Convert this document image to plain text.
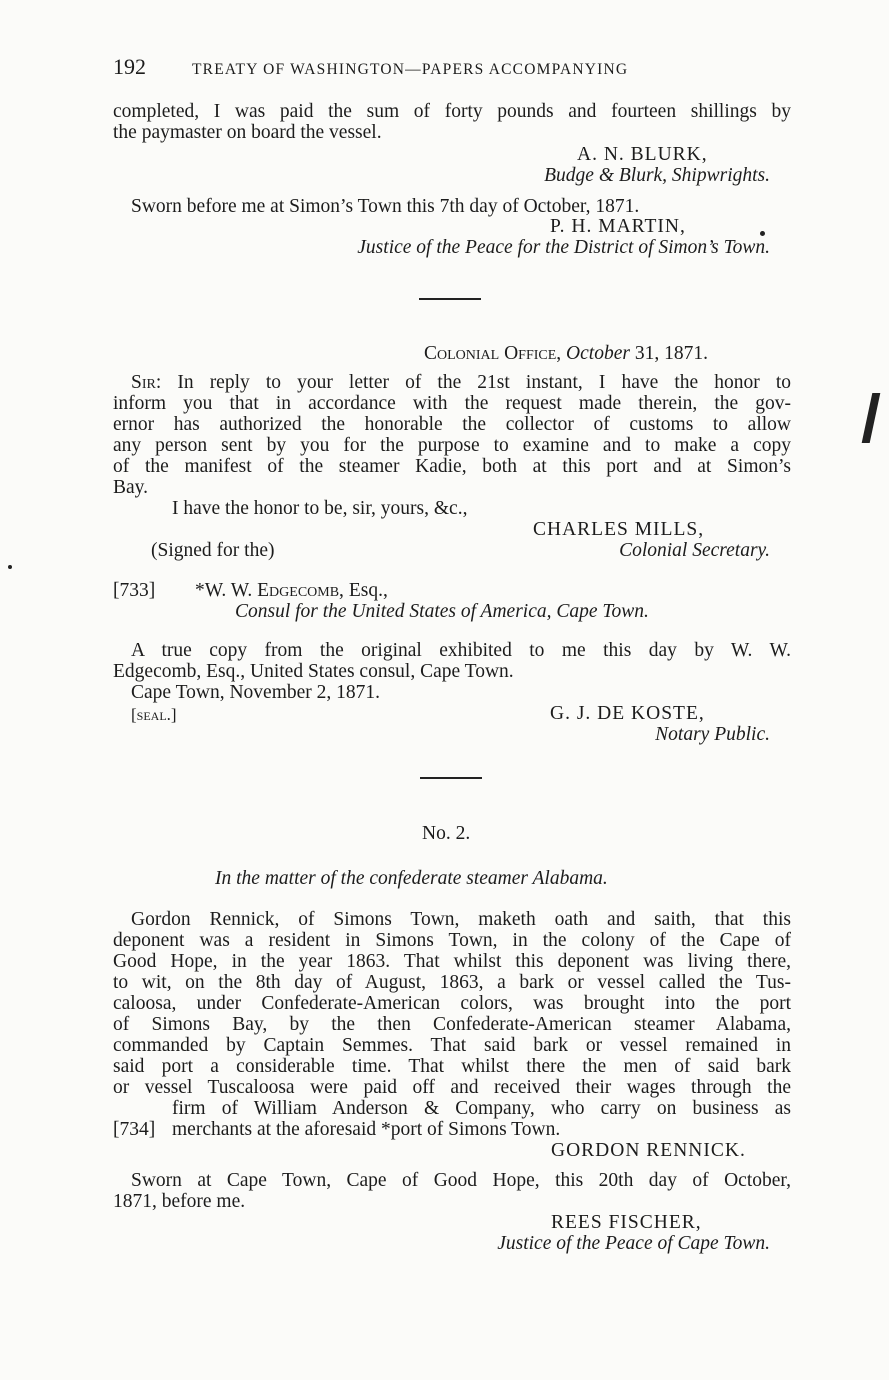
192	TREATY OF WASHINGTON—PAPERS ACCOMPANYING
completed, I was paid the sum of forty pounds and fourteen shillings by
the paymaster on board the vessel.
A. N. BLURK,
Budge & Blurk, Shipwrights.
Sworn before me at Simon’s Town this 7th day of October, 1871.
P. H. MARTIN,
Justice of the Peace for the District of Simon’s Town.
Colonial Office, October 31, 1871.
Sir: In reply to your letter of the 21st instant, I have the honor to
inform you that in accordance with the request made therein, the gov-
ernor has authorized the honorable the collector of customs to allow
any person sent by you for the purpose to examine and to make a copy
of the manifest of the steamer Kadie, both at this port and at Simon’s
Bay.
I have the honor to be, sir, yours, &c.,
CHARLES MILLS,
(Signed for the)	Colonial Secretary.
[733] *W. W. Edgecomb, Esq.,
Consul for the United States of America, Cape Town.
A true copy from the original exhibited to me this day by W. W.
Edgecomb, Esq., United States consul, Cape Town.
Cape Town, November 2, 1871.
[seal.]	G. J. DE KOSTE,
Notary Public.
No. 2.
In the matter of the confederate steamer Alabama.
Gordon Rennick, of Simons Town, maketh oath and saith, that this
deponent was a resident in Simons Town, in the colony of the Cape of
Good Hope, in the year 1863. That whilst this deponent was living there,
to wit, on the 8th day of August, 1863, a bark or vessel called the Tus-
caloosa, under Confederate-American colors, was brought into the port
of Simons Bay, by the then Confederate-American steamer Alabama,
commanded by Captain Semmes. That said bark or vessel remained in
said port a considerable time. That whilst there the men of said bark
or vessel Tuscaloosa were paid off and received their wages through the
firm of William Anderson & Company, who carry on business as
[734] merchants at the aforesaid *port of Simons Town.
GORDON RENNICK.
Sworn at Cape Town, Cape of Good Hope, this 20th day of October,
1871, before me.
REES FISCHER,
Justice of the Peace of Cape Town.
